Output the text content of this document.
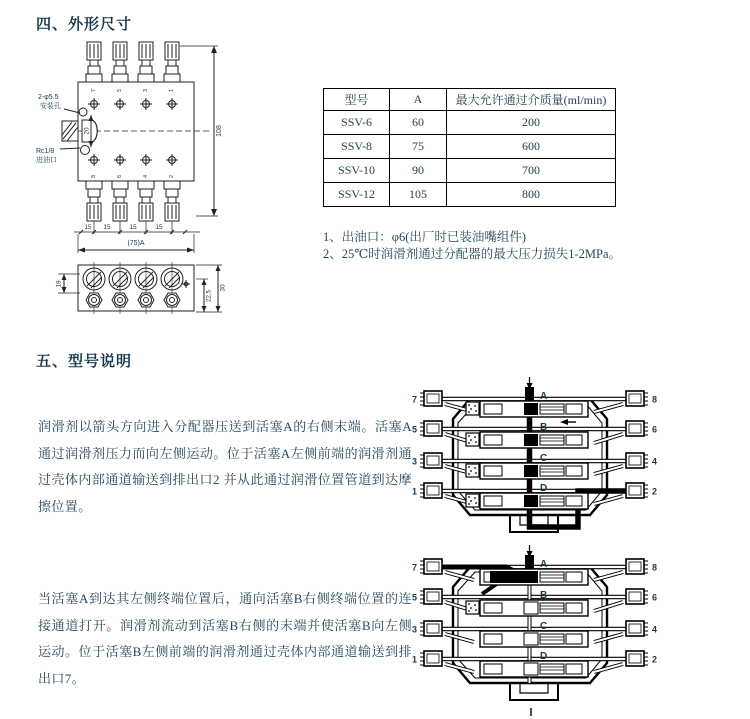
四、外形尺寸
7	5	3	1
20
2-φ5.5
安装孔
Rc1/8
进油口
8	6	4	2
108
15 15	15	15
(75)A
19
22.5
30
型号	A	最大允许通过介质量(ml/min)
SSV-6	60	200
SSV-8	75	600
SSV-10	90	700
SSV-12	105	800
1、出油口：φ6(出厂时已装油嘴组件)
2、25℃时润滑剂通过分配器的最大压力损失1-2MPa。
五、型号说明
润滑剂以箭头方向进入分配器压送到活塞A的右侧末端。活塞A通过润滑剂压力而向左侧运动。位于活塞A左侧前端的润滑剂通过壳体内部通道输送到排出口2 并从此通过润滑位置管道到达摩擦位置。
当活塞A到达其左侧终端位置后，通向活塞B右侧终端位置的连接通道打开。润滑剂流动到活塞B右侧的末端并使活塞B向左侧运动。位于活塞B左侧前端的润滑剂通过壳体内部通道输送到排出口7。
A
B
C
D
7	8
5	6
3	4
1	2
A
B
C
D
7	8
5	6
3	4
1	2
